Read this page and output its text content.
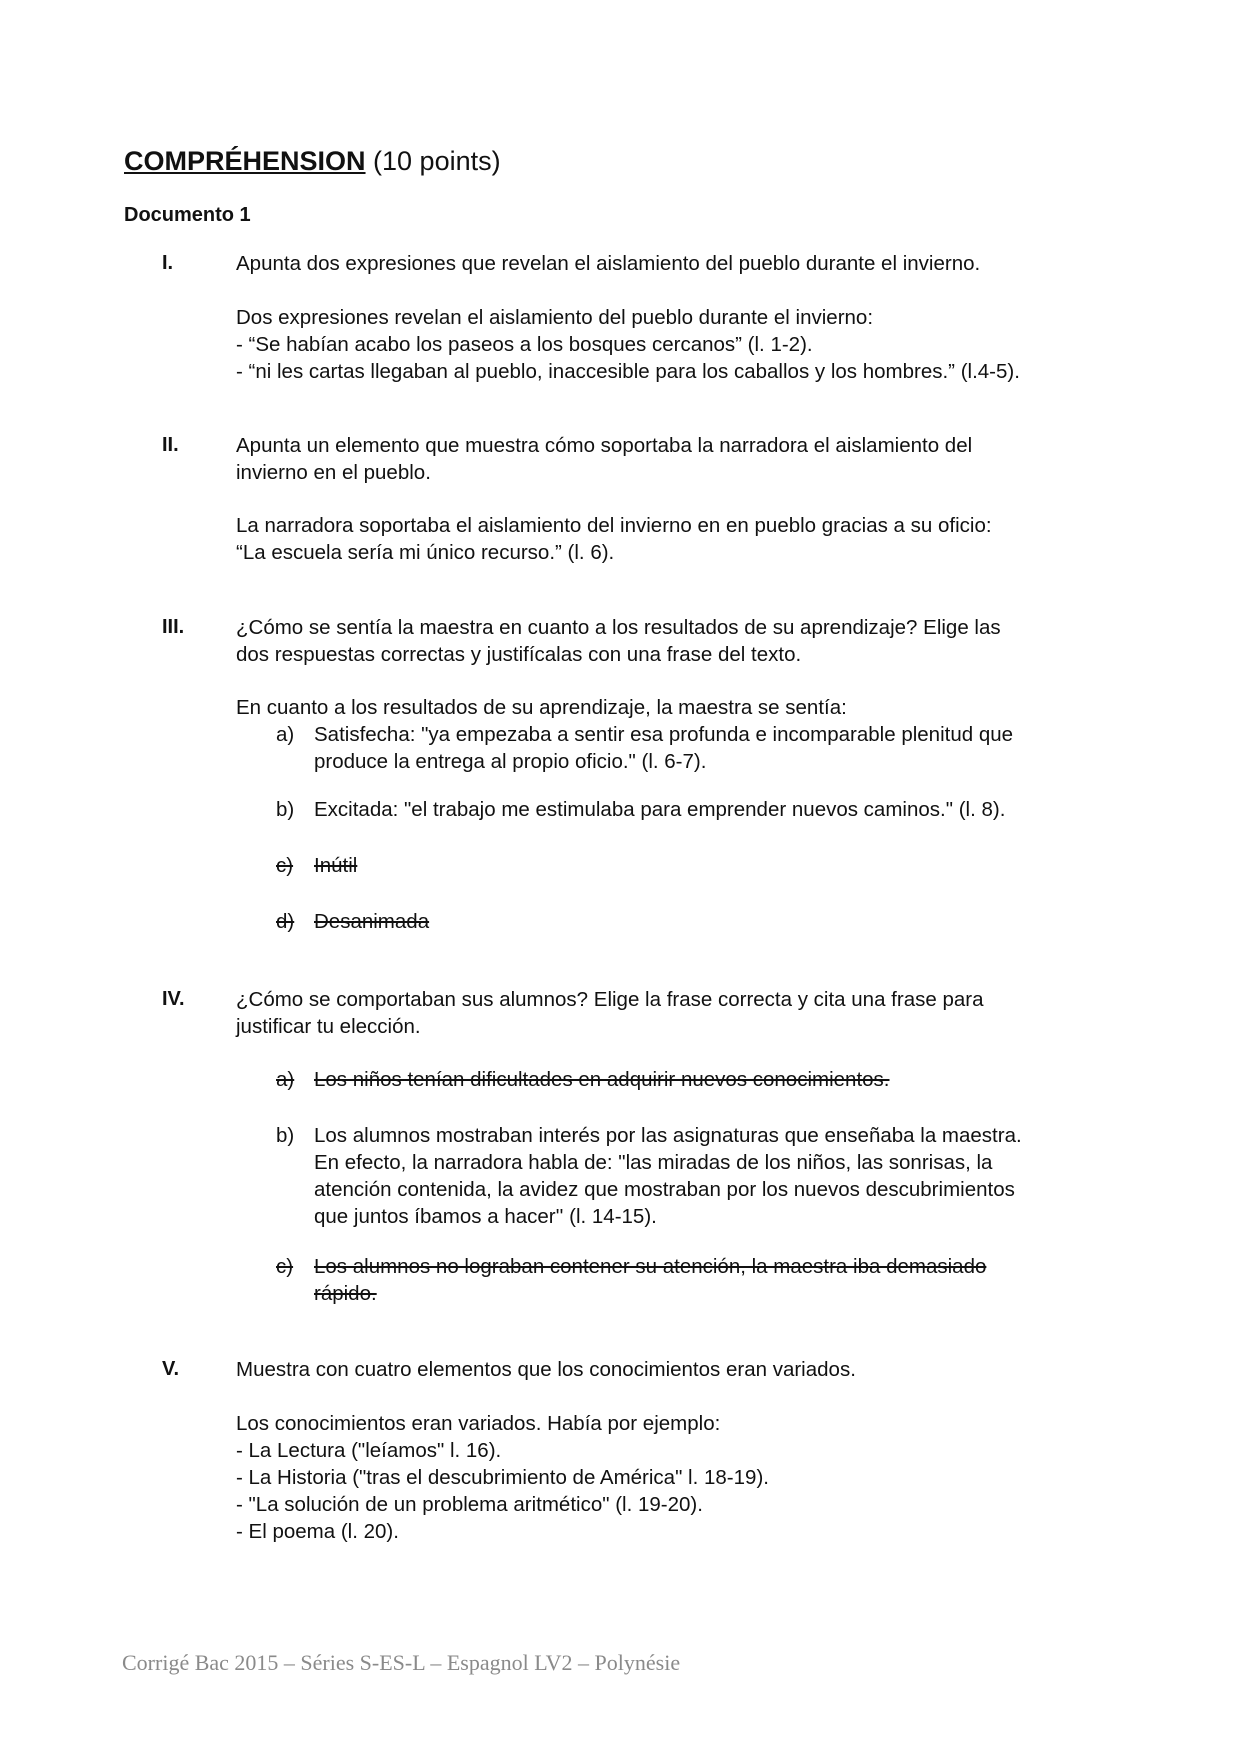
COMPRÉHENSION (10 points)
Documento 1
I.	Apunta dos expresiones que revelan el aislamiento del pueblo durante el invierno.
Dos expresiones revelan el aislamiento del pueblo durante el invierno:
- “Se habían acabo los paseos a los bosques cercanos” (l. 1-2).
- “ni les cartas llegaban al pueblo, inaccesible para los caballos y los hombres.” (l.4-5).
II.	Apunta un elemento que muestra cómo soportaba la narradora el aislamiento del
invierno en el pueblo.
La narradora soportaba el aislamiento del invierno en en pueblo gracias a su oficio:
“La escuela sería mi único recurso.” (l. 6).
III.	¿Cómo se sentía la maestra en cuanto a los resultados de su aprendizaje? Elige las
dos respuestas correctas y justifícalas con una frase del texto.
En cuanto a los resultados de su aprendizaje, la maestra se sentía:
a) Satisfecha: "ya empezaba a sentir esa profunda e incomparable plenitud que
produce la entrega al propio oficio." (l. 6-7).
b) Excitada: "el trabajo me estimulaba para emprender nuevos caminos." (l. 8).
c) Inútil
d) Desanimada
IV.	¿Cómo se comportaban sus alumnos? Elige la frase correcta y cita una frase para
justificar tu elección.
a) Los niños tenían dificultades en adquirir nuevos conocimientos.
b) Los alumnos mostraban interés por las asignaturas que enseñaba la maestra.
En efecto, la narradora habla de: "las miradas de los niños, las sonrisas, la
atención contenida, la avidez que mostraban por los nuevos descubrimientos
que juntos íbamos a hacer'' (l. 14-15).
c) Los alumnos no lograban contener su atención, la maestra iba demasiado
rápido.
V.	Muestra con cuatro elementos que los conocimientos eran variados.
Los conocimientos eran variados. Había por ejemplo:
- La Lectura ("leíamos" l. 16).
- La Historia ("tras el descubrimiento de América" l. 18-19).
- "La solución de un problema aritmético" (l. 19-20).
- El poema (l. 20).
Corrigé Bac 2015 – Séries S-ES-L – Espagnol LV2 – Polynésie
